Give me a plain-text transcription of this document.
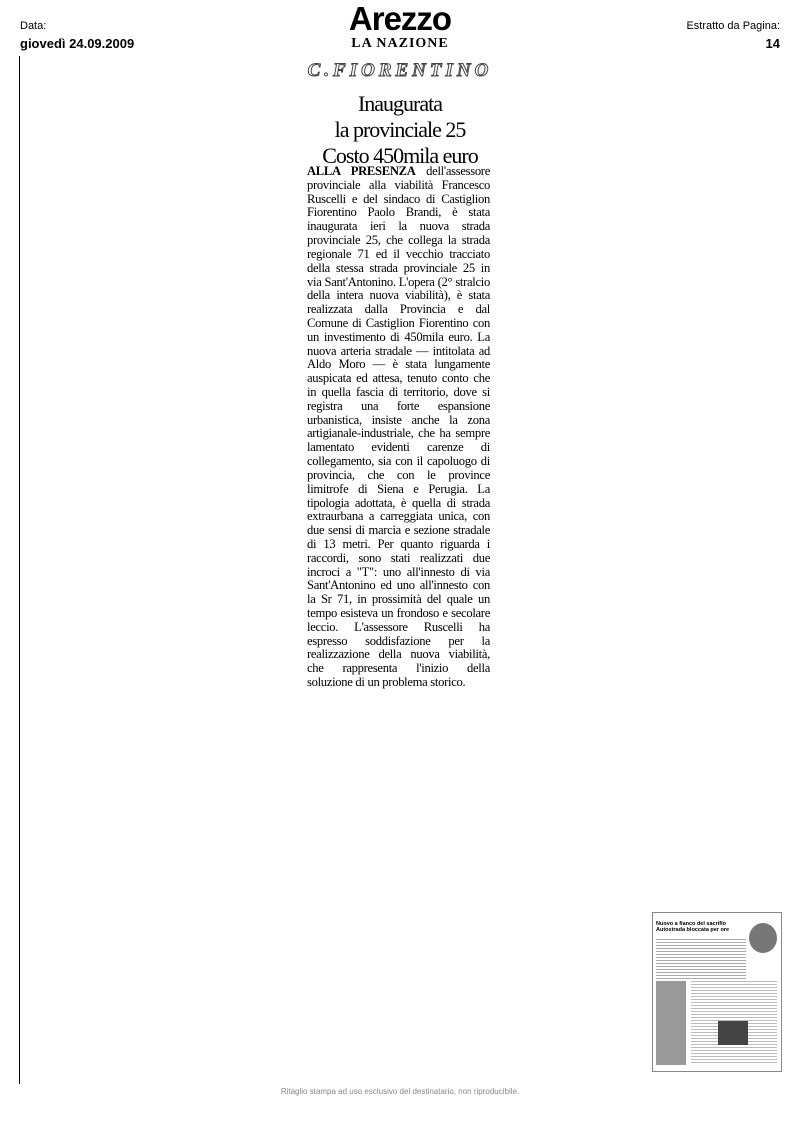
Data:
giovedì 24.09.2009
Arezzo
LA NAZIONE
Estratto da Pagina:
14
C.FIORENTINO
Inaugurata
la provinciale 25
Costo 450mila euro
ALLA PRESENZA dell'assessore provinciale alla viabilità Francesco Ruscelli e del sindaco di Castiglion Fiorentino Paolo Brandi, è stata inaugurata ieri la nuova strada provinciale 25, che collega la strada regionale 71 ed il vecchio tracciato della stessa strada provinciale 25 in via Sant'Antonino. L'opera (2° stralcio della intera nuova viabilità), è stata realizzata dalla Provincia e dal Comune di Castiglion Fiorentino con un investimento di 450mila euro. La nuova arteria stradale — intitolata ad Aldo Moro — è stata lungamente auspicata ed attesa, tenuto conto che in quella fascia di territorio, dove si registra una forte espansione urbanistica, insiste anche la zona artigianale-industriale, che ha sempre lamentato evidenti carenze di collegamento, sia con il capoluogo di provincia, che con le province limitrofe di Siena e Perugia. La tipologia adottata, è quella di strada extraurbana a carreggiata unica, con due sensi di marcia e sezione stradale di 13 metri. Per quanto riguarda i raccordi, sono stati realizzati due incroci a "T": uno all'innesto di via Sant'Antonino ed uno all'innesto con la Sr 71, in prossimità del quale un tempo esisteva un frondoso e secolare leccio. L'assessore Ruscelli ha espresso soddisfazione per la realizzazione della nuova viabilità, che rappresenta l'inizio della soluzione di un problema storico.
Nuovo a fianco del sacrifio
Autostrada bloccata per ore
Ritaglio stampa ad uso esclusivo del destinatario, non riproducibile.
